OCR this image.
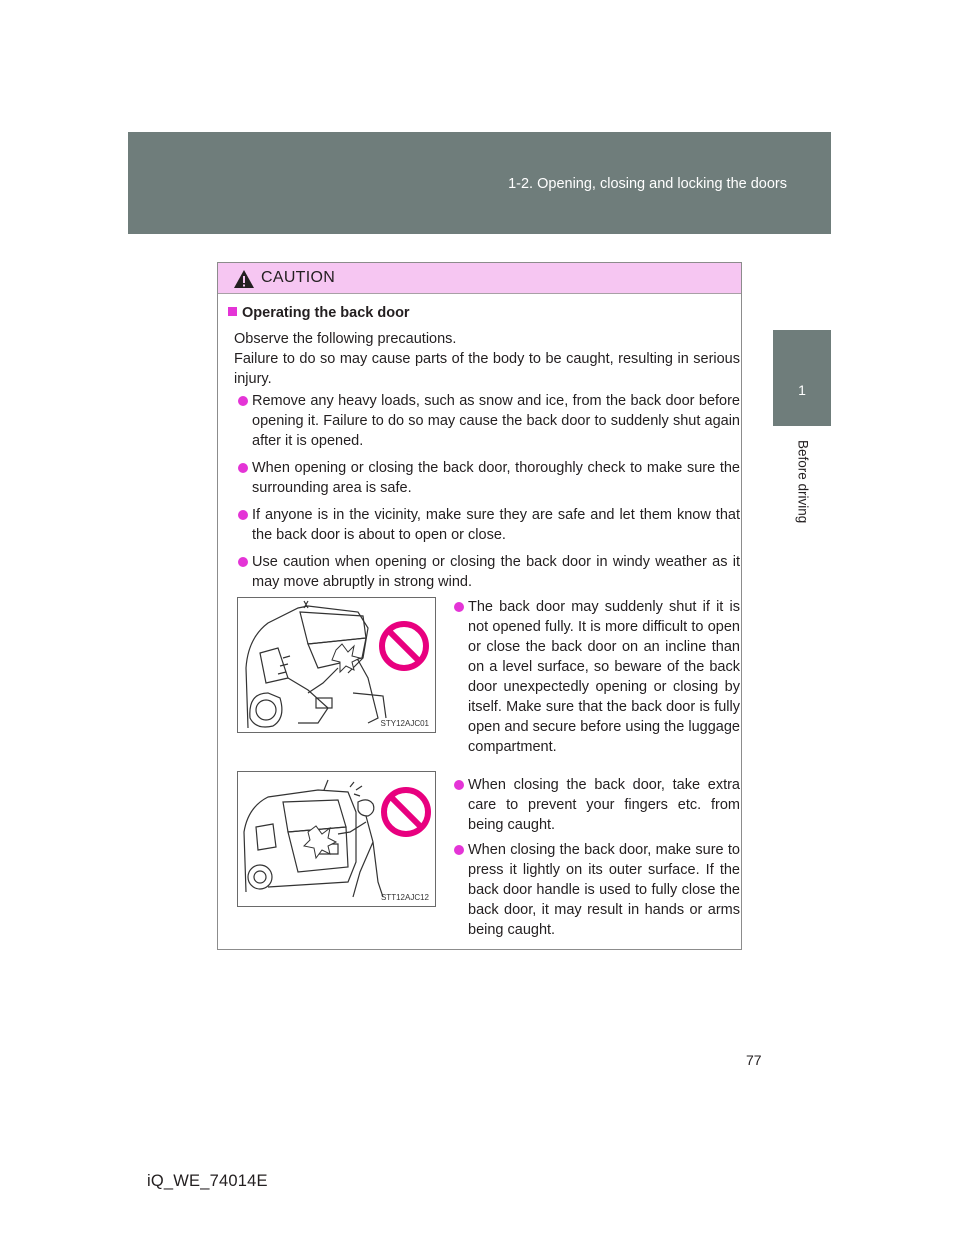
1-2. Opening, closing and locking the doors
1
Before driving
CAUTION
Operating the back door

Observe the following precautions.

Failure to do so may cause parts of the body to be caught, resulting in serious injury.

Remove any heavy loads, such as snow and ice, from the back door before opening it. Failure to do so may cause the back door to suddenly shut again after it is opened.
When opening or closing the back door, thoroughly check to make sure the surrounding area is safe.
If anyone is in the vicinity, make sure they are safe and let them know that the back door is about to open or close.
Use caution when opening or closing the back door in windy weather as it may move abruptly in strong wind.
STY12AJC01
The back door may suddenly shut if it is not opened fully. It is more difficult to open or close the back door on an incline than on a level surface, so beware of the back door unexpectedly opening or closing by itself. Make sure that the back door is fully open and secure before using the luggage compartment.
STT12AJC12
When closing the back door, take extra care to prevent your fingers etc. from being caught.
When closing the back door, make sure to press it lightly on its outer surface. If the back door handle is used to fully close the back door, it may result in hands or arms being caught.
77
iQ_WE_74014E
